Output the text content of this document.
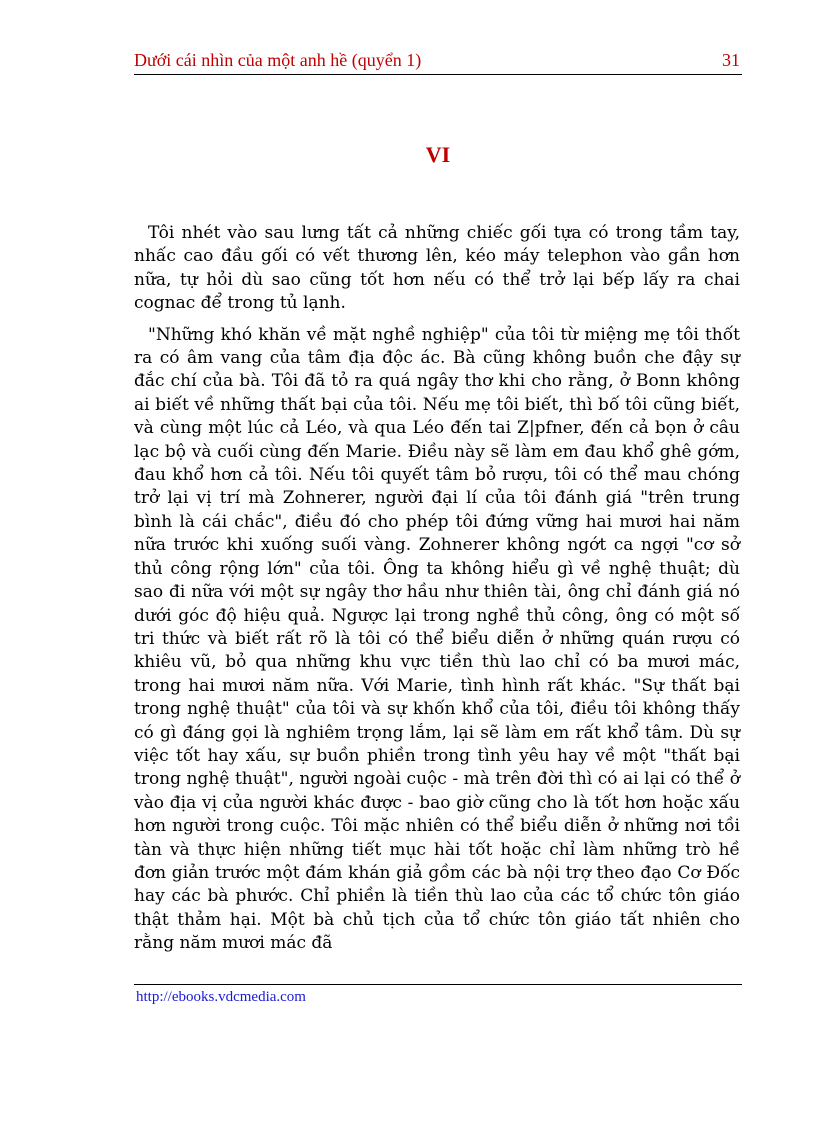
Dưới cái nhìn của một anh hề (quyển 1)	31
VI

Tôi nhét vào sau lưng tất cả những chiếc gối tựa có trong tầm tay, nhấc cao đầu gối có vết thương lên, kéo máy telephon vào gần hơn nữa, tự hỏi dù sao cũng tốt hơn nếu có thể trở lại bếp lấy ra chai cognac để trong tủ lạnh.

"Những khó khăn về mặt nghề nghiệp" của tôi từ miệng mẹ tôi thốt ra có âm vang của tâm địa độc ác. Bà cũng không buồn che đậy sự đắc chí của bà. Tôi đã tỏ ra quá ngây thơ khi cho rằng, ở Bonn không ai biết về những thất bại của tôi. Nếu mẹ tôi biết, thì bố tôi cũng biết, và cùng một lúc cả Léo, và qua Léo đến tai Z|pfner, đến cả bọn ở câu lạc bộ và cuối cùng đến Marie. Điều này sẽ làm em đau khổ ghê gớm, đau khổ hơn cả tôi. Nếu tôi quyết tâm bỏ rượu, tôi có thể mau chóng trở lại vị trí mà Zohnerer, người đại lí của tôi đánh giá "trên trung bình là cái chắc", điều đó cho phép tôi đứng vững hai mươi hai năm nữa trước khi xuống suối vàng. Zohnerer không ngớt ca ngợi "cơ sở thủ công rộng lớn" của tôi. Ông ta không hiểu gì về nghệ thuật; dù sao đi nữa với một sự ngây thơ hầu như thiên tài, ông chỉ đánh giá nó dưới góc độ hiệu quả. Ngược lại trong nghề thủ công, ông có một số tri thức và biết rất rõ là tôi có thể biểu diễn ở những quán rượu có khiêu vũ, bỏ qua những khu vực tiền thù lao chỉ có ba mươi mác, trong hai mươi năm nữa. Với Marie, tình hình rất khác. "Sự thất bại trong nghệ thuật" của tôi và sự khốn khổ của tôi, điều tôi không thấy có gì đáng gọi là nghiêm trọng lắm, lại sẽ làm em rất khổ tâm. Dù sự việc tốt hay xấu, sự buồn phiền trong tình yêu hay về một "thất bại trong nghệ thuật", người ngoài cuộc - mà trên đời thì có ai lại có thể ở vào địa vị của người khác được - bao giờ cũng cho là tốt hơn hoặc xấu hơn người trong cuộc. Tôi mặc nhiên có thể biểu diễn ở những nơi tồi tàn và thực hiện những tiết mục hài tốt hoặc chỉ làm những trò hề đơn giản trước một đám khán giả gồm các bà nội trợ theo đạo Cơ Đốc hay các bà phước. Chỉ phiền là tiền thù lao của các tổ chức tôn giáo thật thảm hại. Một bà chủ tịch của tổ chức tôn giáo tất nhiên cho rằng năm mươi mác đã

http://ebooks.vdcmedia.com
